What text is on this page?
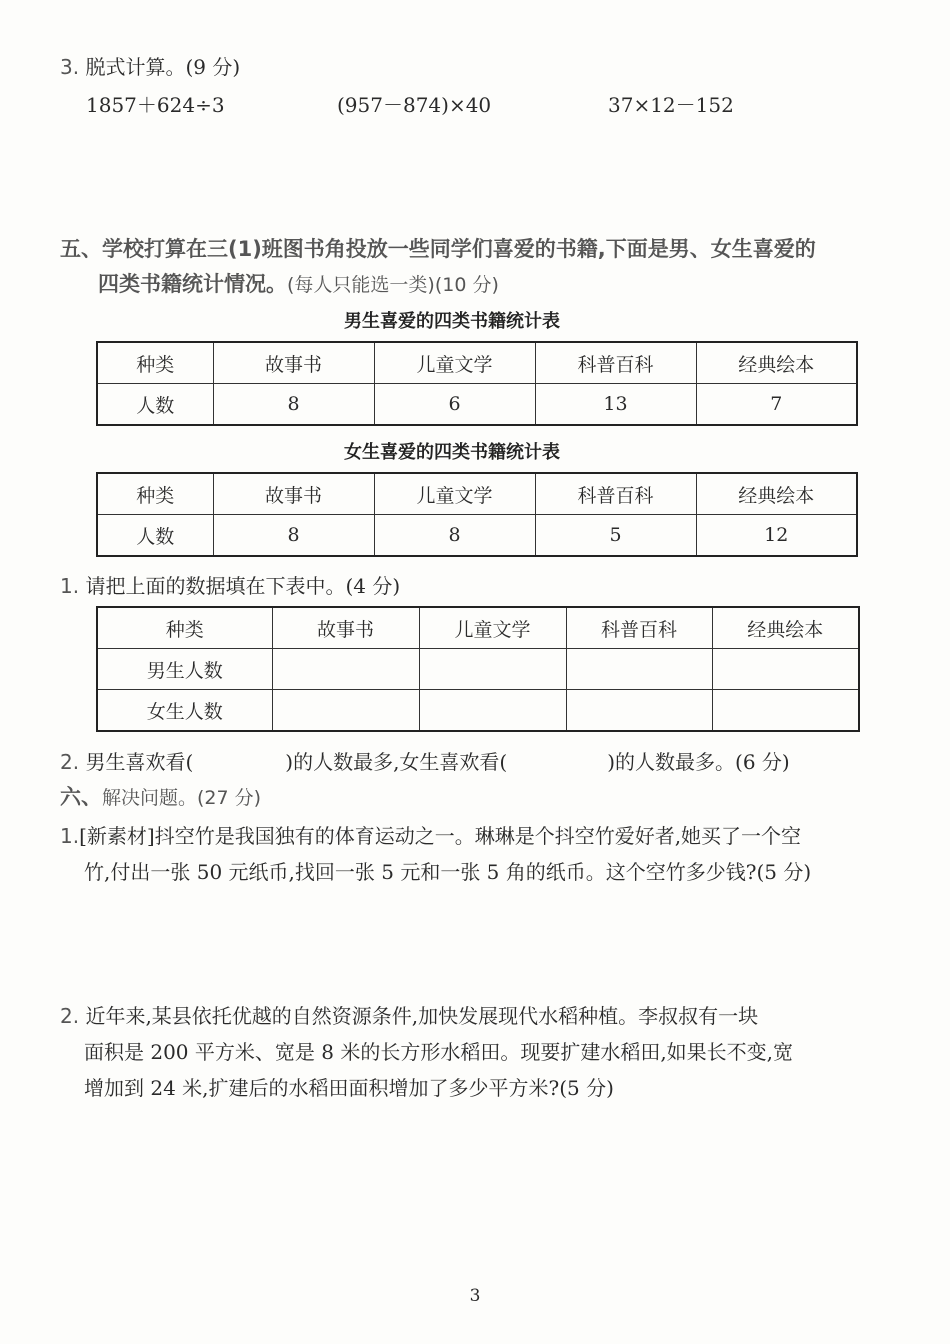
3. 脱式计算。(9 分)
1857＋624÷3	(957－874)×40	37×12－152
五、学校打算在三(1)班图书角投放一些同学们喜爱的书籍,下面是男、女生喜爱的
四类书籍统计情况。(每人只能选一类)(10 分)
男生喜爱的四类书籍统计表
种类	故事书	儿童文学	科普百科	经典绘本
人数	8	6	13	7
女生喜爱的四类书籍统计表
种类	故事书	儿童文学	科普百科	经典绘本
人数	8	8	5	12
1. 请把上面的数据填在下表中。(4 分)
种类	故事书	儿童文学	科普百科	经典绘本
男生人数				
女生人数				
2. 男生喜欢看(	)的人数最多,女生喜欢看(	)的人数最多。(6 分)
六、解决问题。(27 分)
1.[新素材]抖空竹是我国独有的体育运动之一。琳琳是个抖空竹爱好者,她买了一个空
竹,付出一张 50 元纸币,找回一张 5 元和一张 5 角的纸币。这个空竹多少钱?(5 分)
2. 近年来,某县依托优越的自然资源条件,加快发展现代水稻种植。李叔叔有一块
面积是 200 平方米、宽是 8 米的长方形水稻田。现要扩建水稻田,如果长不变,宽
增加到 24 米,扩建后的水稻田面积增加了多少平方米?(5 分)
3
